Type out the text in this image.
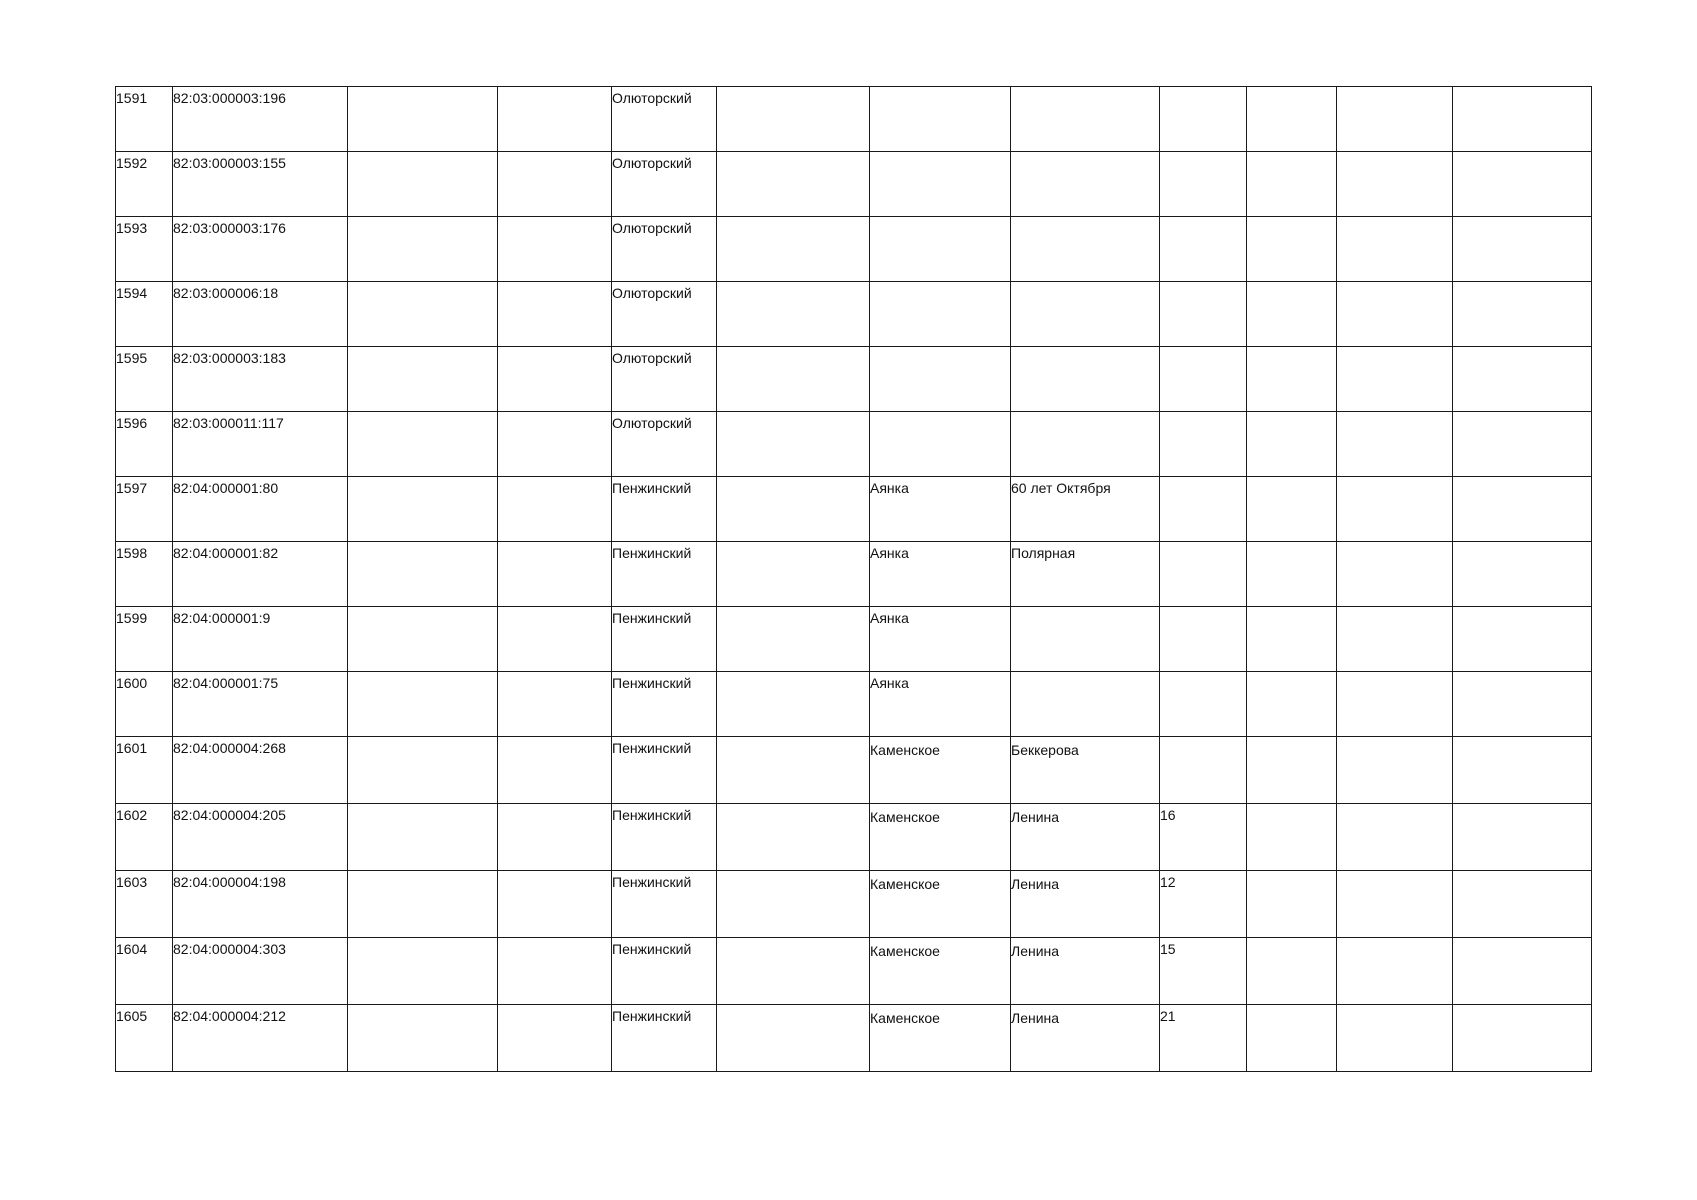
1591	82:03:000003:196			Олюторский							

1592	82:03:000003:155			Олюторский							

1593	82:03:000003:176			Олюторский							

1594	82:03:000006:18			Олюторский							

1595	82:03:000003:183			Олюторский							

1596	82:03:000011:117			Олюторский							

1597	82:04:000001:80			Пенжинский		Аянка	60 лет Октября				
1598	82:04:000001:82			Пенжинский		Аянка	Полярная				
1599	82:04:000001:9			Пенжинский		Аянка					
1600	82:04:000001:75			Пенжинский		Аянка					
1601	82:04:000004:268			Пенжинский		Каменское	Беккерова				
1602	82:04:000004:205			Пенжинский		Каменское	Ленина	16			
1603	82:04:000004:198			Пенжинский		Каменское	Ленина	12			
1604	82:04:000004:303			Пенжинский		Каменское	Ленина	15			
1605	82:04:000004:212			Пенжинский		Каменское	Ленина	21			
